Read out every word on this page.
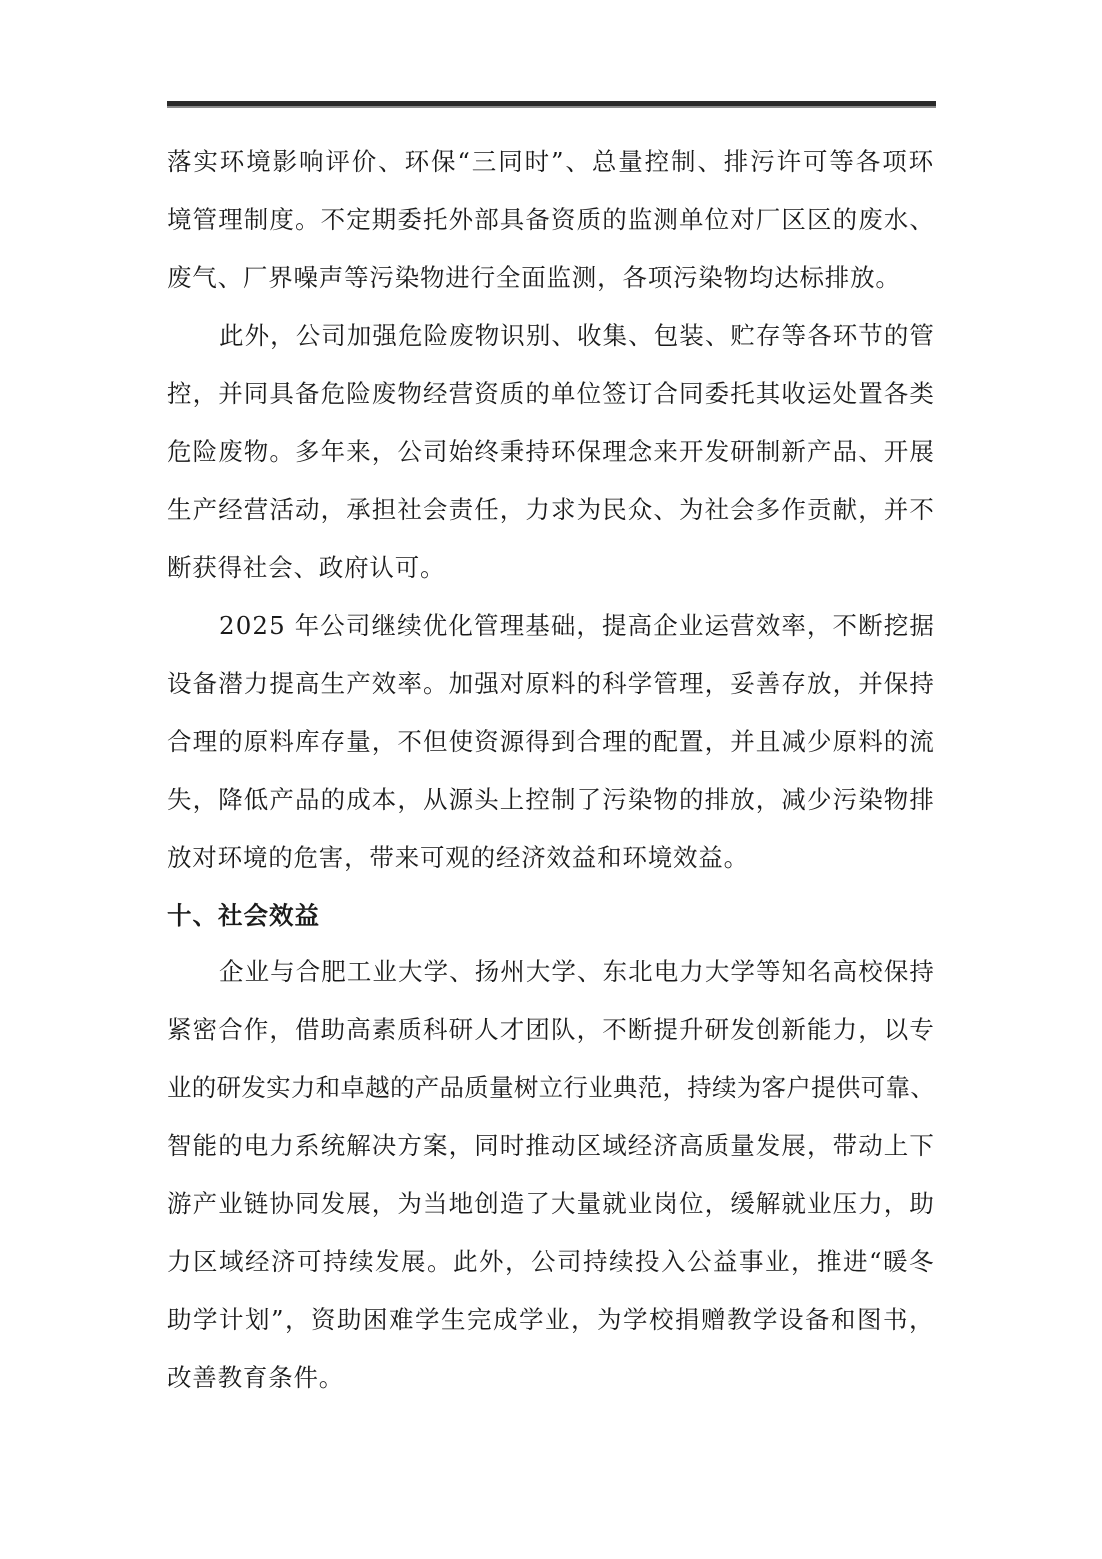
落实环境影响评价、环保“三同时”、总量控制、排污许可等各项环
境管理制度。不定期委托外部具备资质的监测单位对厂区区的废水、
废气、厂界噪声等污染物进行全面监测，各项污染物均达标排放。
此外，公司加强危险废物识别、收集、包装、贮存等各环节的管
控，并同具备危险废物经营资质的单位签订合同委托其收运处置各类
危险废物。多年来，公司始终秉持环保理念来开发研制新产品、开展
生产经营活动，承担社会责任，力求为民众、为社会多作贡献，并不
断获得社会、政府认可。
2025 年公司继续优化管理基础，提高企业运营效率，不断挖据
设备潜力提高生产效率。加强对原料的科学管理，妥善存放，并保持
合理的原料库存量，不但使资源得到合理的配置，并且减少原料的流
失，降低产品的成本，从源头上控制了污染物的排放，减少污染物排
放对环境的危害，带来可观的经济效益和环境效益。
十、社会效益
企业与合肥工业大学、扬州大学、东北电力大学等知名高校保持
紧密合作，借助高素质科研人才团队，不断提升研发创新能力，以专
业的研发实力和卓越的产品质量树立行业典范，持续为客户提供可靠、
智能的电力系统解决方案，同时推动区域经济高质量发展，带动上下
游产业链协同发展，为当地创造了大量就业岗位，缓解就业压力，助
力区域经济可持续发展。此外，公司持续投入公益事业，推进“暖冬
助学计划”，资助困难学生完成学业，为学校捐赠教学设备和图书，
改善教育条件。
